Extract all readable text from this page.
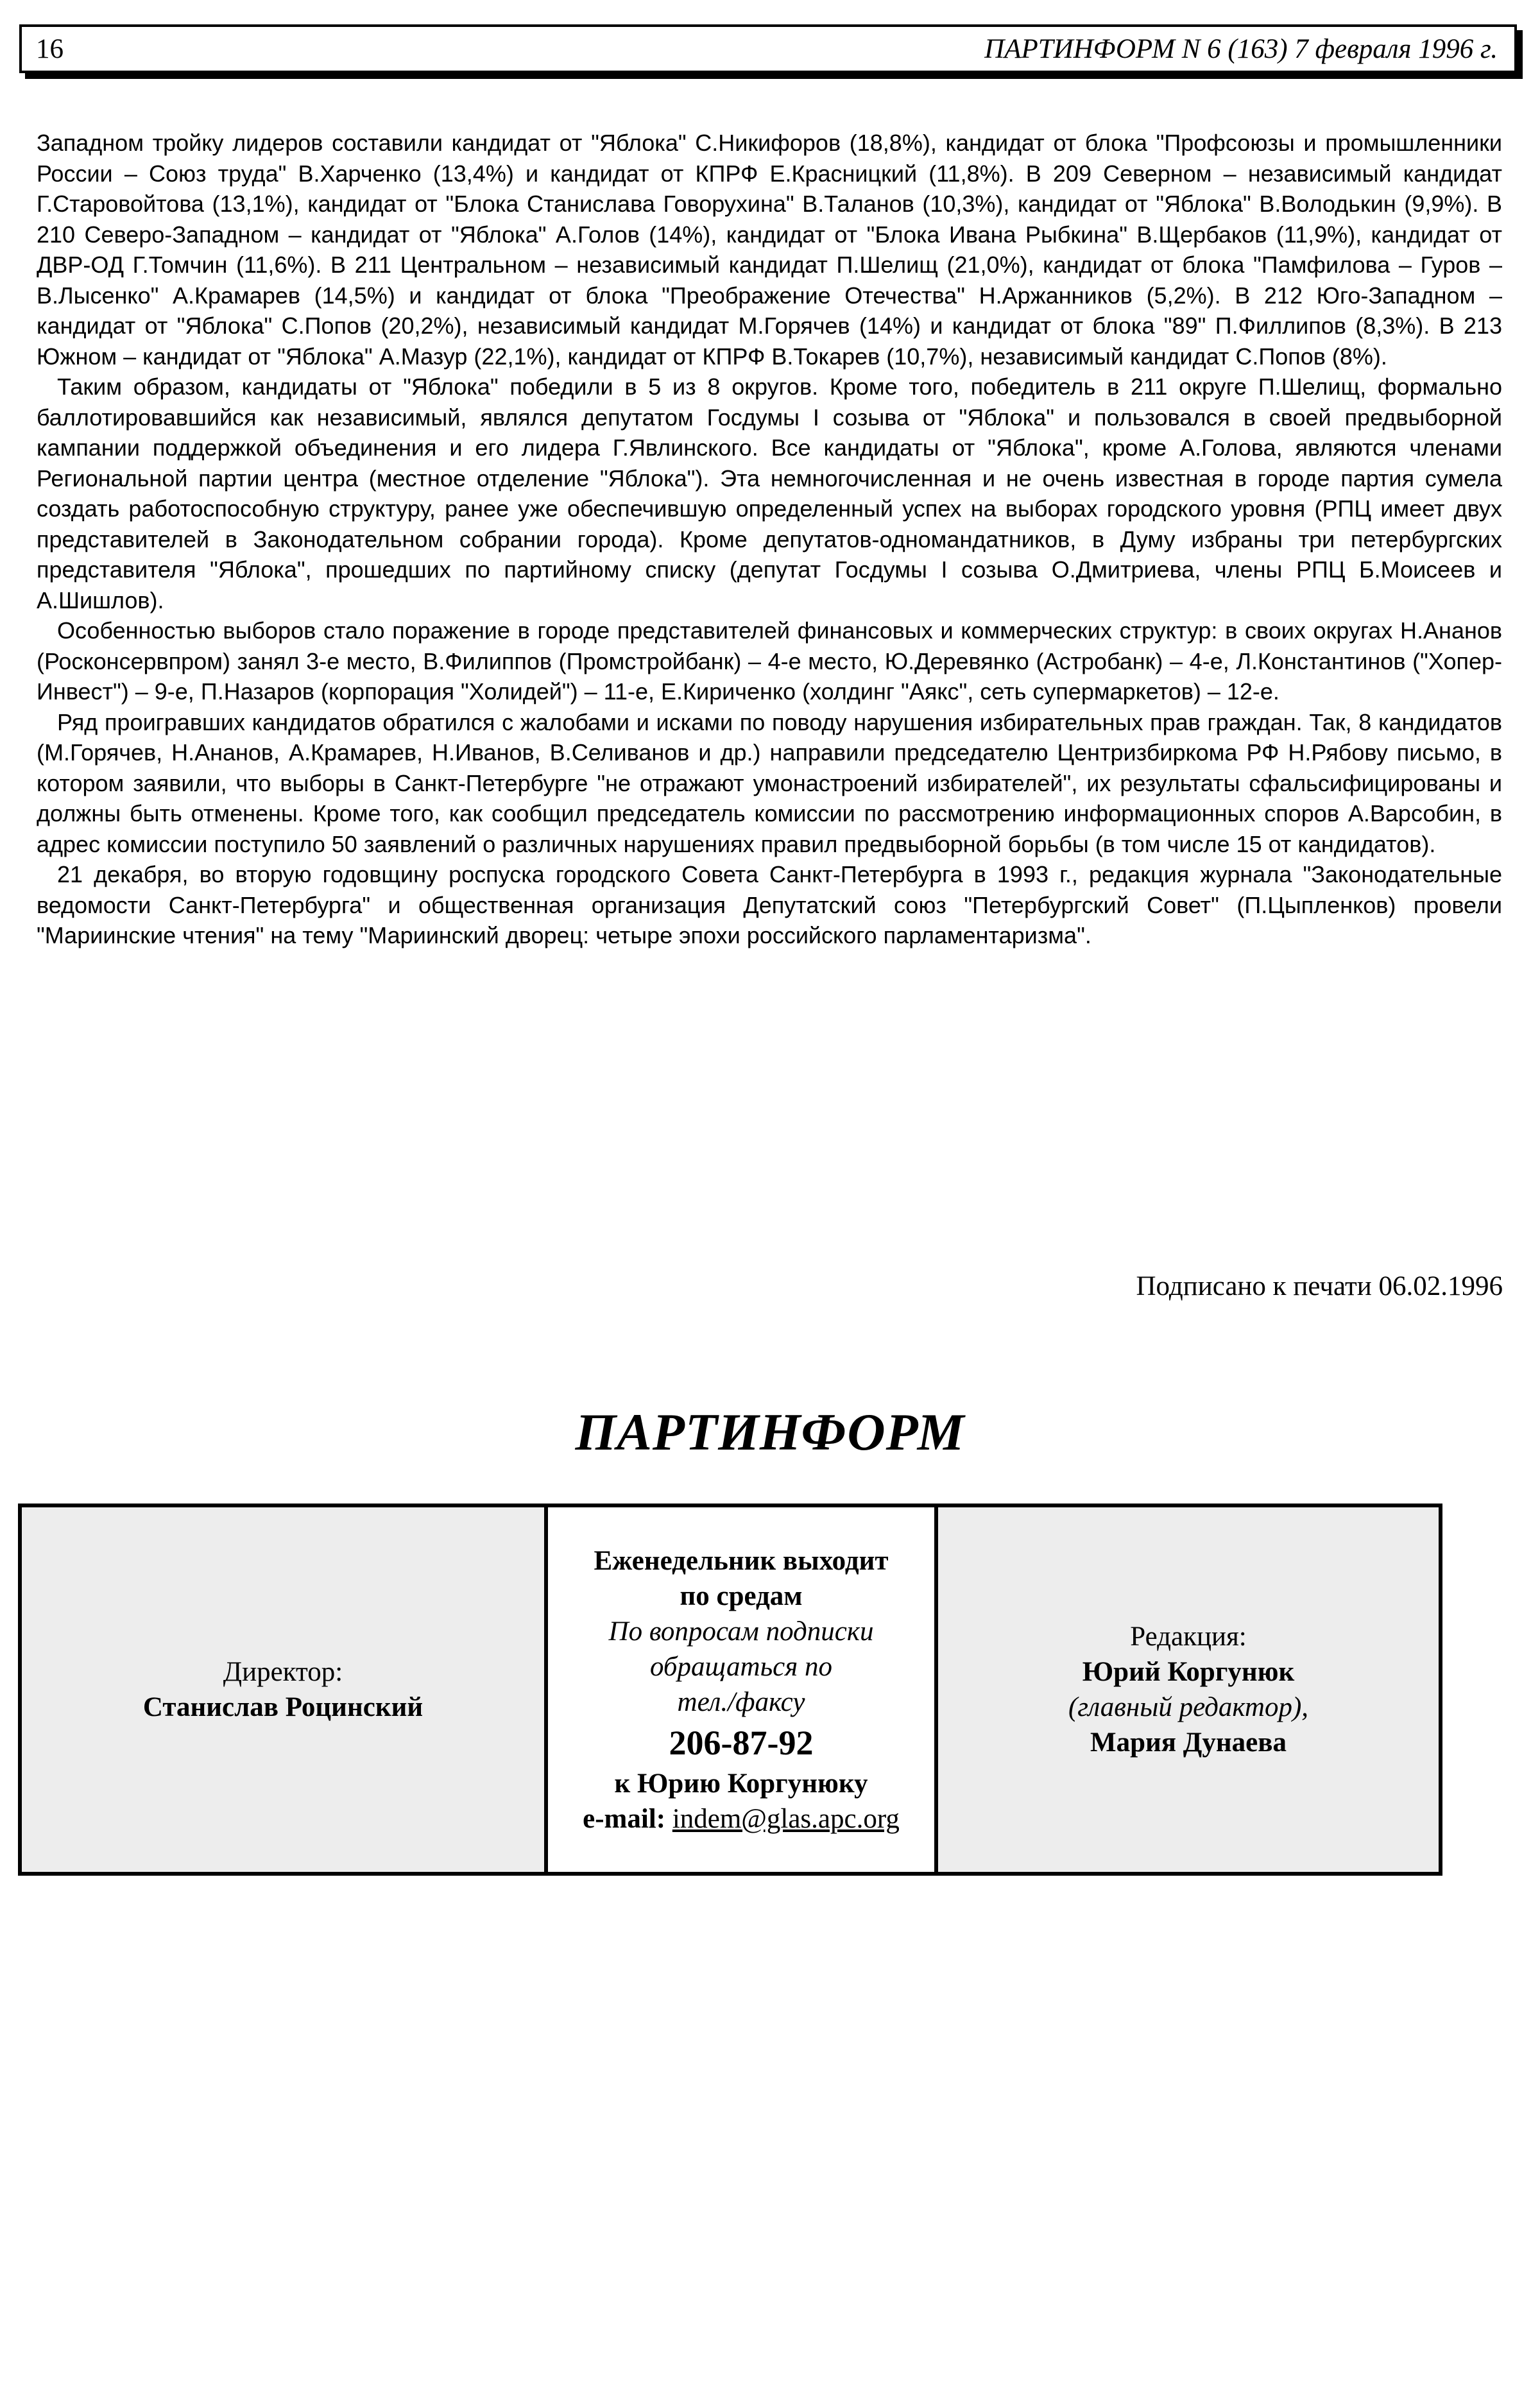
16	ПАРТИНФОРМ N 6 (163) 7 февраля 1996 г.

Западном тройку лидеров составили кандидат от "Яблока" С.Никифоров (18,8%), кандидат от блока "Профсоюзы и промышленники России – Союз труда" В.Харченко (13,4%) и кандидат от КПРФ Е.Красницкий (11,8%). В 209 Северном – независимый кандидат Г.Старовойтова (13,1%), кандидат от "Блока Станислава Говорухина" В.Таланов (10,3%), кандидат от "Яблока" В.Володькин (9,9%). В 210 Северо-Западном – кандидат от "Яблока" А.Голов (14%), кандидат от "Блока Ивана Рыбкина" В.Щербаков (11,9%), кандидат от ДВР-ОД Г.Томчин (11,6%). В 211 Центральном – независимый кандидат П.Шелищ (21,0%), кандидат от блока "Памфилова – Гуров – В.Лысенко" А.Крамарев (14,5%) и кандидат от блока "Преображение Отечества" Н.Аржанников (5,2%). В 212 Юго-Западном – кандидат от "Яблока" С.Попов (20,2%), независимый кандидат М.Горячев (14%) и кандидат от блока "89" П.Филлипов (8,3%). В 213 Южном – кандидат от "Яблока" А.Мазур (22,1%), кандидат от КПРФ В.Токарев (10,7%), независимый кандидат С.Попов (8%).

Таким образом, кандидаты от "Яблока" победили в 5 из 8 округов. Кроме того, победитель в 211 округе П.Шелищ, формально баллотировавшийся как независимый, являлся депутатом Госдумы I созыва от "Яблока" и пользовался в своей предвыборной кампании поддержкой объединения и его лидера Г.Явлинского. Все кандидаты от "Яблока", кроме А.Голова, являются членами Региональной партии центра (местное отделение "Яблока"). Эта немногочисленная и не очень известная в городе партия сумела создать работоспособную структуру, ранее уже обеспечившую определенный успех на выборах городского уровня (РПЦ имеет двух представителей в Законодательном собрании города). Кроме депутатов-одномандатников, в Думу избраны три петербургских представителя "Яблока", прошедших по партийному списку (депутат Госдумы I созыва О.Дмитриева, члены РПЦ Б.Моисеев и А.Шишлов).

Особенностью выборов стало поражение в городе представителей финансовых и коммерческих структур: в своих округах Н.Ананов (Росконсервпром) занял 3-е место, В.Филиппов (Промстройбанк) – 4-е место, Ю.Деревянко (Астробанк) – 4-е, Л.Константинов ("Хопер-Инвест") – 9-е, П.Назаров (корпорация "Холидей") – 11-е, Е.Кириченко (холдинг "Аякс", сеть супермаркетов) – 12-е.

Ряд проигравших кандидатов обратился с жалобами и исками по поводу нарушения избирательных прав граждан. Так, 8 кандидатов (М.Горячев, Н.Ананов, А.Крамарев, Н.Иванов, В.Селиванов и др.) направили председателю Центризбиркома РФ Н.Рябову письмо, в котором заявили, что выборы в Санкт-Петербурге "не отражают умонастроений избирателей", их результаты сфальсифицированы и должны быть отменены. Кроме того, как сообщил председатель комиссии по рассмотрению информационных споров А.Варсобин, в адрес комиссии поступило 50 заявлений о различных нарушениях правил предвыборной борьбы (в том числе 15 от кандидатов).

21 декабря, во вторую годовщину роспуска городского Совета Санкт-Петербурга в 1993 г., редакция журнала "Законодательные ведомости Санкт-Петербурга" и общественная организация Депутатский союз "Петербургский Совет" (П.Цыпленков) провели "Мариинские чтения" на тему "Мариинский дворец: четыре эпохи российского парламентаризма".

Подписано к печати 06.02.1996
ПАРТИНФОРМ
Директор:
Станислав Роцинский
Еженедельник выходит
по средам
По вопросам подписки
обращаться по
тел./факсу
206-87-92
к Юрию Коргунюку
e-mail: indem@glas.apc.org
Редакция:
Юрий Коргунюк
(главный редактор),
Мария Дунаева
